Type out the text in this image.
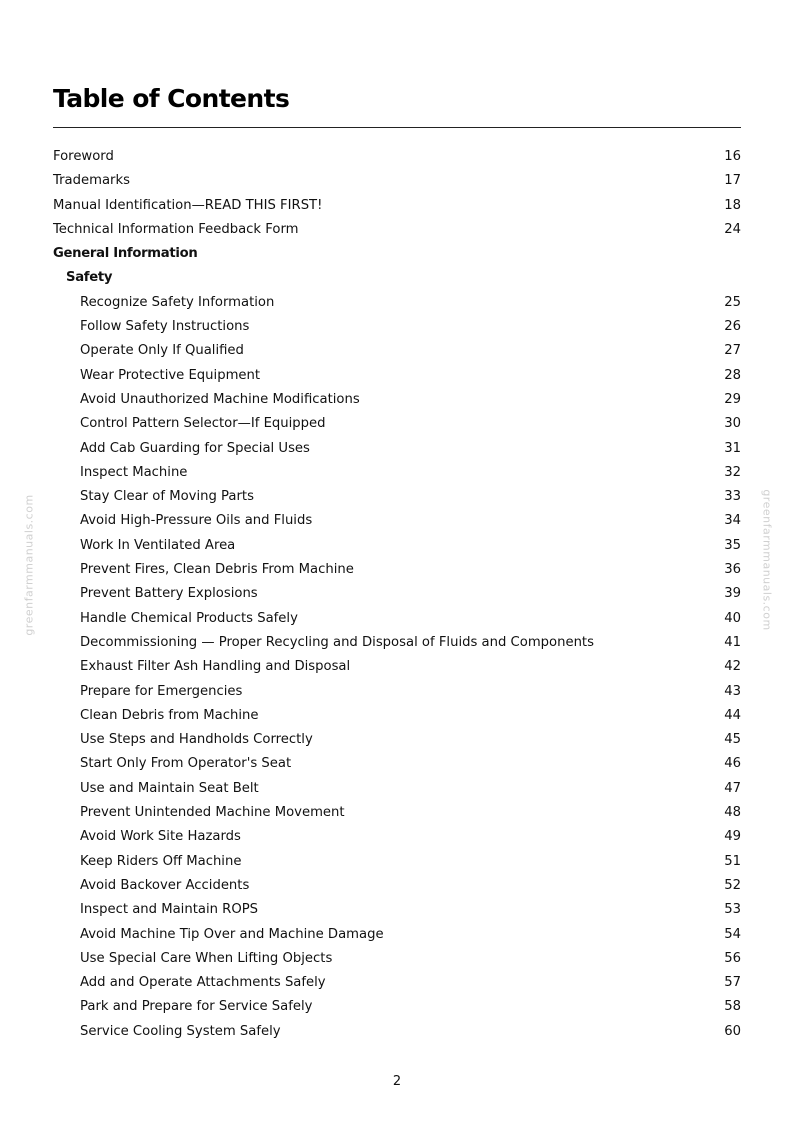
Table of Contents
Foreword	16
Trademarks	17
Manual Identification—READ THIS FIRST!	18
Technical Information Feedback Form	24
General Information
Safety
Recognize Safety Information	25
Follow Safety Instructions	26
Operate Only If Qualified	27
Wear Protective Equipment	28
Avoid Unauthorized Machine Modifications	29
Control Pattern Selector—If Equipped	30
Add Cab Guarding for Special Uses	31
Inspect Machine	32
Stay Clear of Moving Parts	33
Avoid High-Pressure Oils and Fluids	34
Work In Ventilated Area	35
Prevent Fires, Clean Debris From Machine	36
Prevent Battery Explosions	39
Handle Chemical Products Safely	40
Decommissioning — Proper Recycling and Disposal of Fluids and Components	41
Exhaust Filter Ash Handling and Disposal	42
Prepare for Emergencies	43
Clean Debris from Machine	44
Use Steps and Handholds Correctly	45
Start Only From Operator's Seat	46
Use and Maintain Seat Belt	47
Prevent Unintended Machine Movement	48
Avoid Work Site Hazards	49
Keep Riders Off Machine	51
Avoid Backover Accidents	52
Inspect and Maintain ROPS	53
Avoid Machine Tip Over and Machine Damage	54
Use Special Care When Lifting Objects	56
Add and Operate Attachments Safely	57
Park and Prepare for Service Safely	58
Service Cooling System Safely	60
greenfarmmanuals.com	greenfarmmanuals.com
2
